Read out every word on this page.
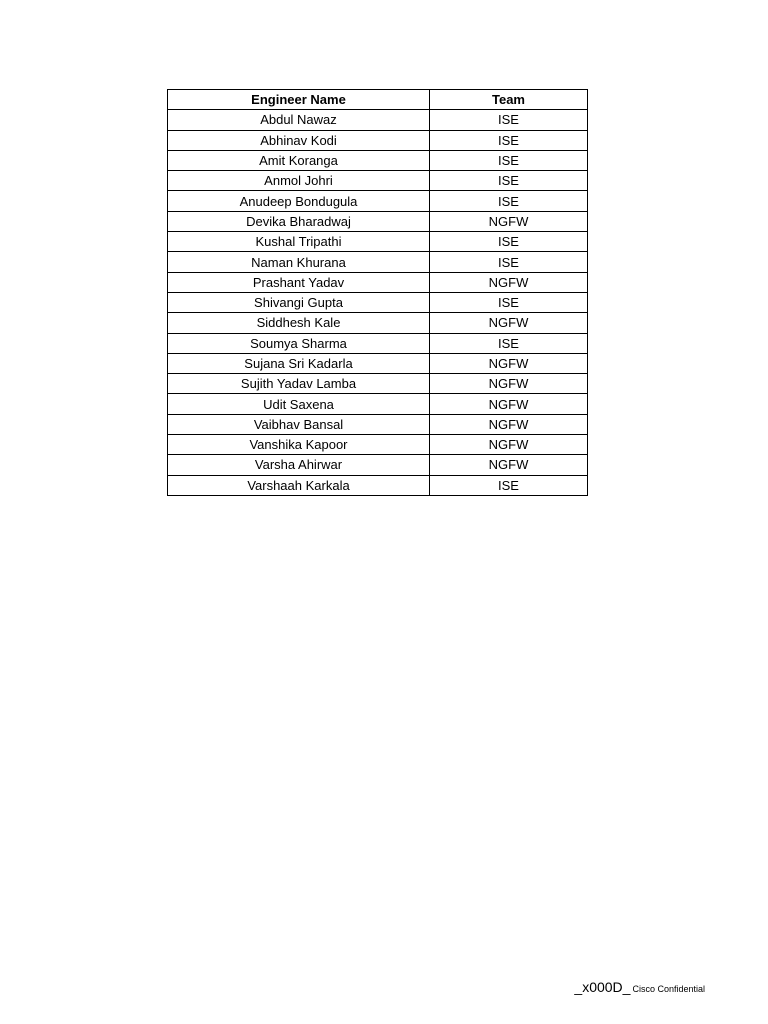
Engineer Name	Team
Abdul Nawaz	ISE
Abhinav Kodi	ISE
Amit Koranga	ISE
Anmol Johri	ISE
Anudeep Bondugula	ISE
Devika Bharadwaj	NGFW
Kushal Tripathi	ISE
Naman Khurana	ISE
Prashant Yadav	NGFW
Shivangi Gupta	ISE
Siddhesh Kale	NGFW
Soumya Sharma	ISE
Sujana Sri Kadarla	NGFW
Sujith Yadav Lamba	NGFW
Udit Saxena	NGFW
Vaibhav Bansal	NGFW
Vanshika Kapoor	NGFW
Varsha Ahirwar	NGFW
Varshaah Karkala	ISE
_x000D_ Cisco Confidential
